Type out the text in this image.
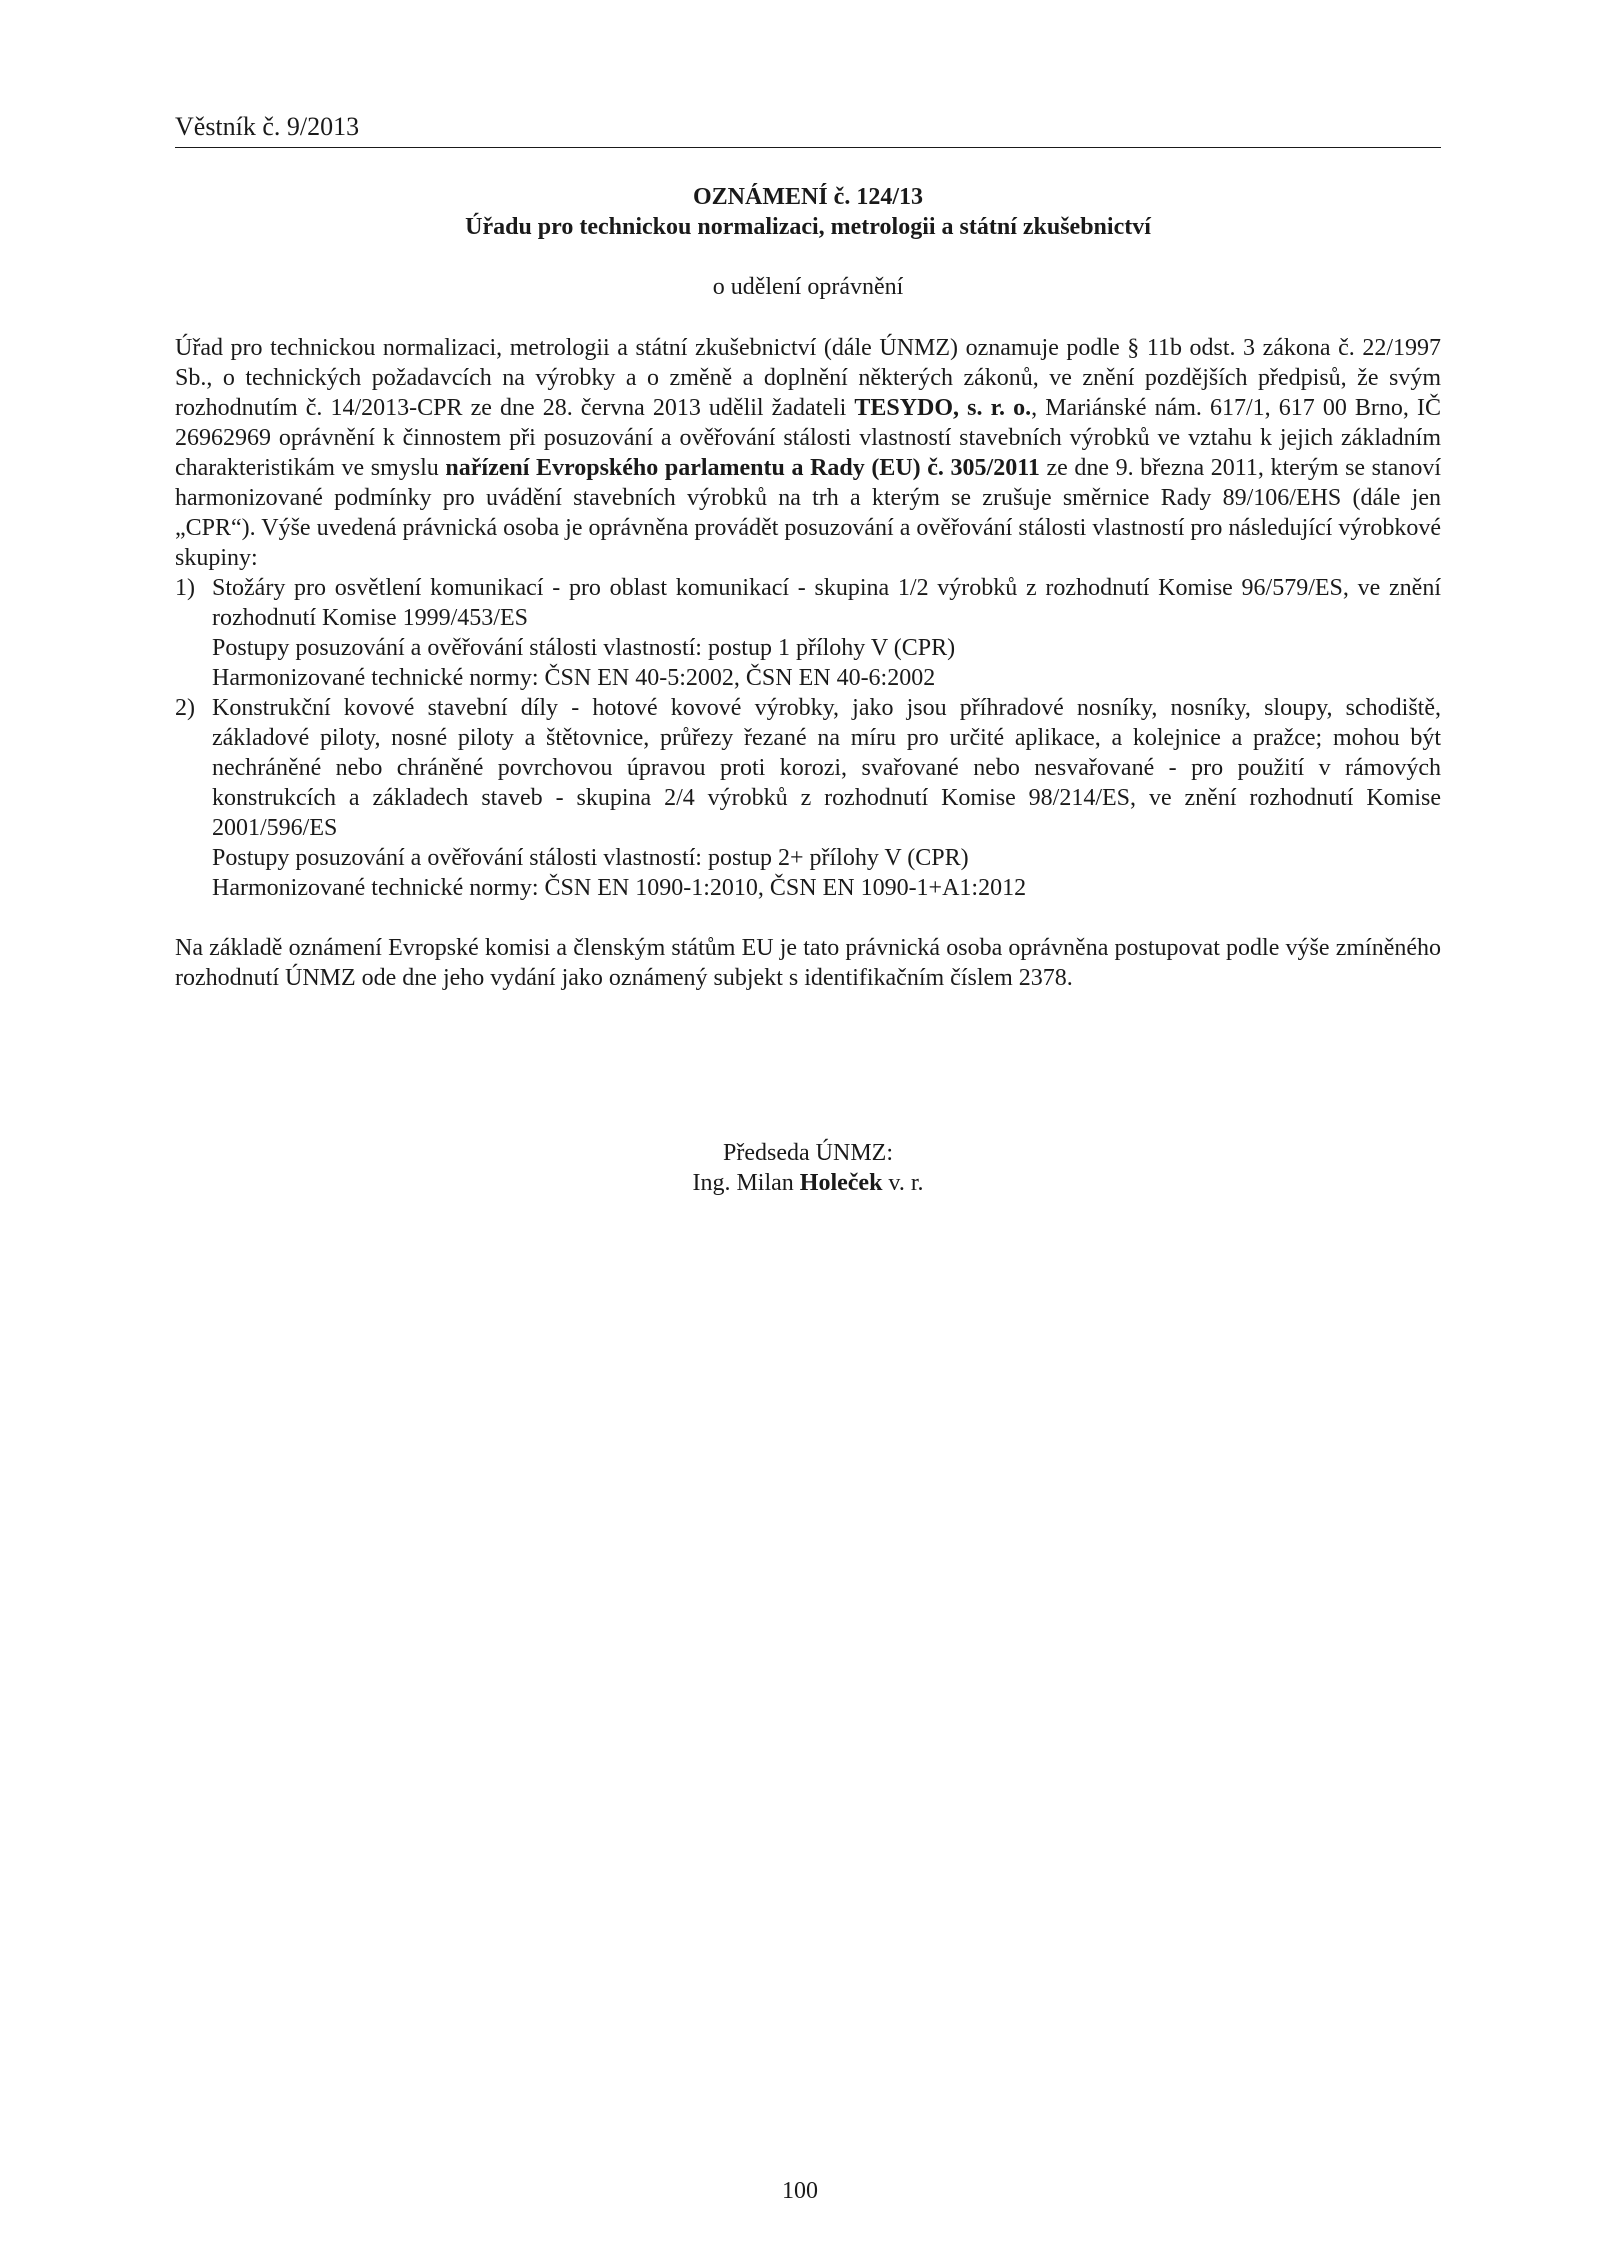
Věstník č. 9/2013
OZNÁMENÍ č. 124/13
Úřadu pro technickou normalizaci, metrologii a státní zkušebnictví
o udělení oprávnění

Úřad pro technickou normalizaci, metrologii a státní zkušebnictví (dále ÚNMZ) oznamuje podle § 11b odst. 3 zákona č. 22/1997 Sb., o technických požadavcích na výrobky a o změně a doplnění některých zákonů, ve znění pozdějších předpisů, že svým rozhodnutím č. 14/2013-CPR ze dne 28. června 2013 udělil žadateli TESYDO, s. r. o., Mariánské nám. 617/1, 617 00 Brno, IČ 26962969 oprávnění k činnostem při posuzování a ověřování stálosti vlastností stavebních výrobků ve vztahu k jejich základním charakteristikám ve smyslu nařízení Evropského parlamentu a Rady (EU) č. 305/2011 ze dne 9. března 2011, kterým se stanoví harmonizované podmínky pro uvádění stavebních výrobků na trh a kterým se zrušuje směrnice Rady 89/106/EHS (dále jen „CPR“). Výše uvedená právnická osoba je oprávněna provádět posuzování a ověřování stálosti vlastností pro následující výrobkové skupiny:

1) Stožáry pro osvětlení komunikací - pro oblast komunikací - skupina 1/2 výrobků z rozhodnutí Komise 96/579/ES, ve znění rozhodnutí Komise 1999/453/ES

Postupy posuzování a ověřování stálosti vlastností: postup 1 přílohy V (CPR)

Harmonizované technické normy: ČSN EN 40-5:2002, ČSN EN 40-6:2002

2) Konstrukční kovové stavební díly - hotové kovové výrobky, jako jsou příhradové nosníky, nosníky, sloupy, schodiště, základové piloty, nosné piloty a štětovnice, průřezy řezané na míru pro určité aplikace, a kolejnice a pražce; mohou být nechráněné nebo chráněné povrchovou úpravou proti korozi, svařované nebo nesvařované - pro použití v rámových konstrukcích a základech staveb - skupina 2/4 výrobků z rozhodnutí Komise 98/214/ES, ve znění rozhodnutí Komise 2001/596/ES

Postupy posuzování a ověřování stálosti vlastností: postup 2+ přílohy V (CPR)

Harmonizované technické normy: ČSN EN 1090-1:2010, ČSN EN 1090-1+A1:2012

Na základě oznámení Evropské komisi a členským státům EU je tato právnická osoba oprávněna postupovat podle výše zmíněného rozhodnutí ÚNMZ ode dne jeho vydání jako oznámený subjekt s identifikačním číslem 2378.
Předseda ÚNMZ:
Ing. Milan Holeček v. r.
100
